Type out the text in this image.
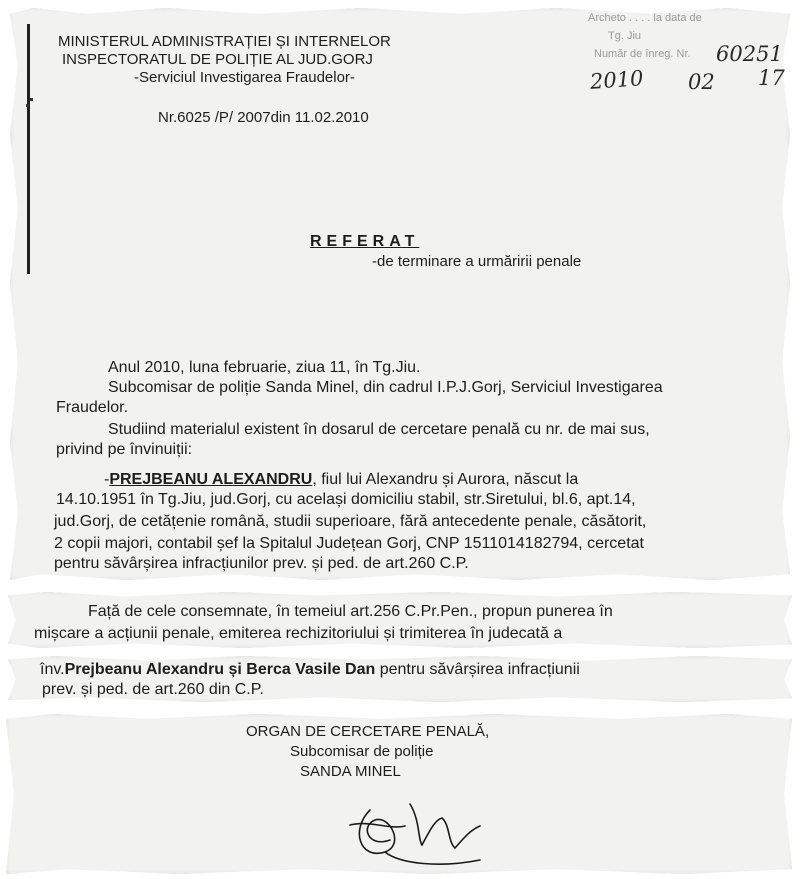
MINISTERUL ADMINISTRAȚIEI ȘI INTERNELOR
INSPECTORATUL DE POLIȚIE AL JUD.GORJ
-Serviciul Investigarea Fraudelor-
Nr.6025 /P/ 2007din 11.02.2010
Archeto . . . . la data de
Tg. Jiu
Număr de înreg. Nr. 60251
2010 02 17
REFERAT
-de terminare a urmăririi penale
Anul 2010, luna februarie, ziua 11, în Tg.Jiu.
Subcomisar de poliție Sanda Minel, din cadrul I.P.J.Gorj, Serviciul Investigarea
Fraudelor.
Studiind materialul existent în dosarul de cercetare penală cu nr. de mai sus,
privind pe învinuiții:
-PREJBEANU ALEXANDRU, fiul lui Alexandru și Aurora, născut la
14.10.1951 în Tg.Jiu, jud.Gorj, cu același domiciliu stabil, str.Siretului, bl.6, apt.14,
jud.Gorj, de cetățenie română, studii superioare, fără antecedente penale, căsătorit,
2 copii majori, contabil șef la Spitalul Județean Gorj, CNP 1511014182794, cercetat
pentru săvârșirea infracțiunilor prev. și ped. de art.260 C.P.
Față de cele consemnate, în temeiul art.256 C.Pr.Pen., propun punerea în
mișcare a acțiunii penale, emiterea rechizitoriului și trimiterea în judecată a
înv.Prejbeanu Alexandru și Berca Vasile Dan pentru săvârșirea infracțiunii
prev. și ped. de art.260 din C.P.
ORGAN DE CERCETARE PENALĂ,
Subcomisar de poliție
SANDA MINEL
